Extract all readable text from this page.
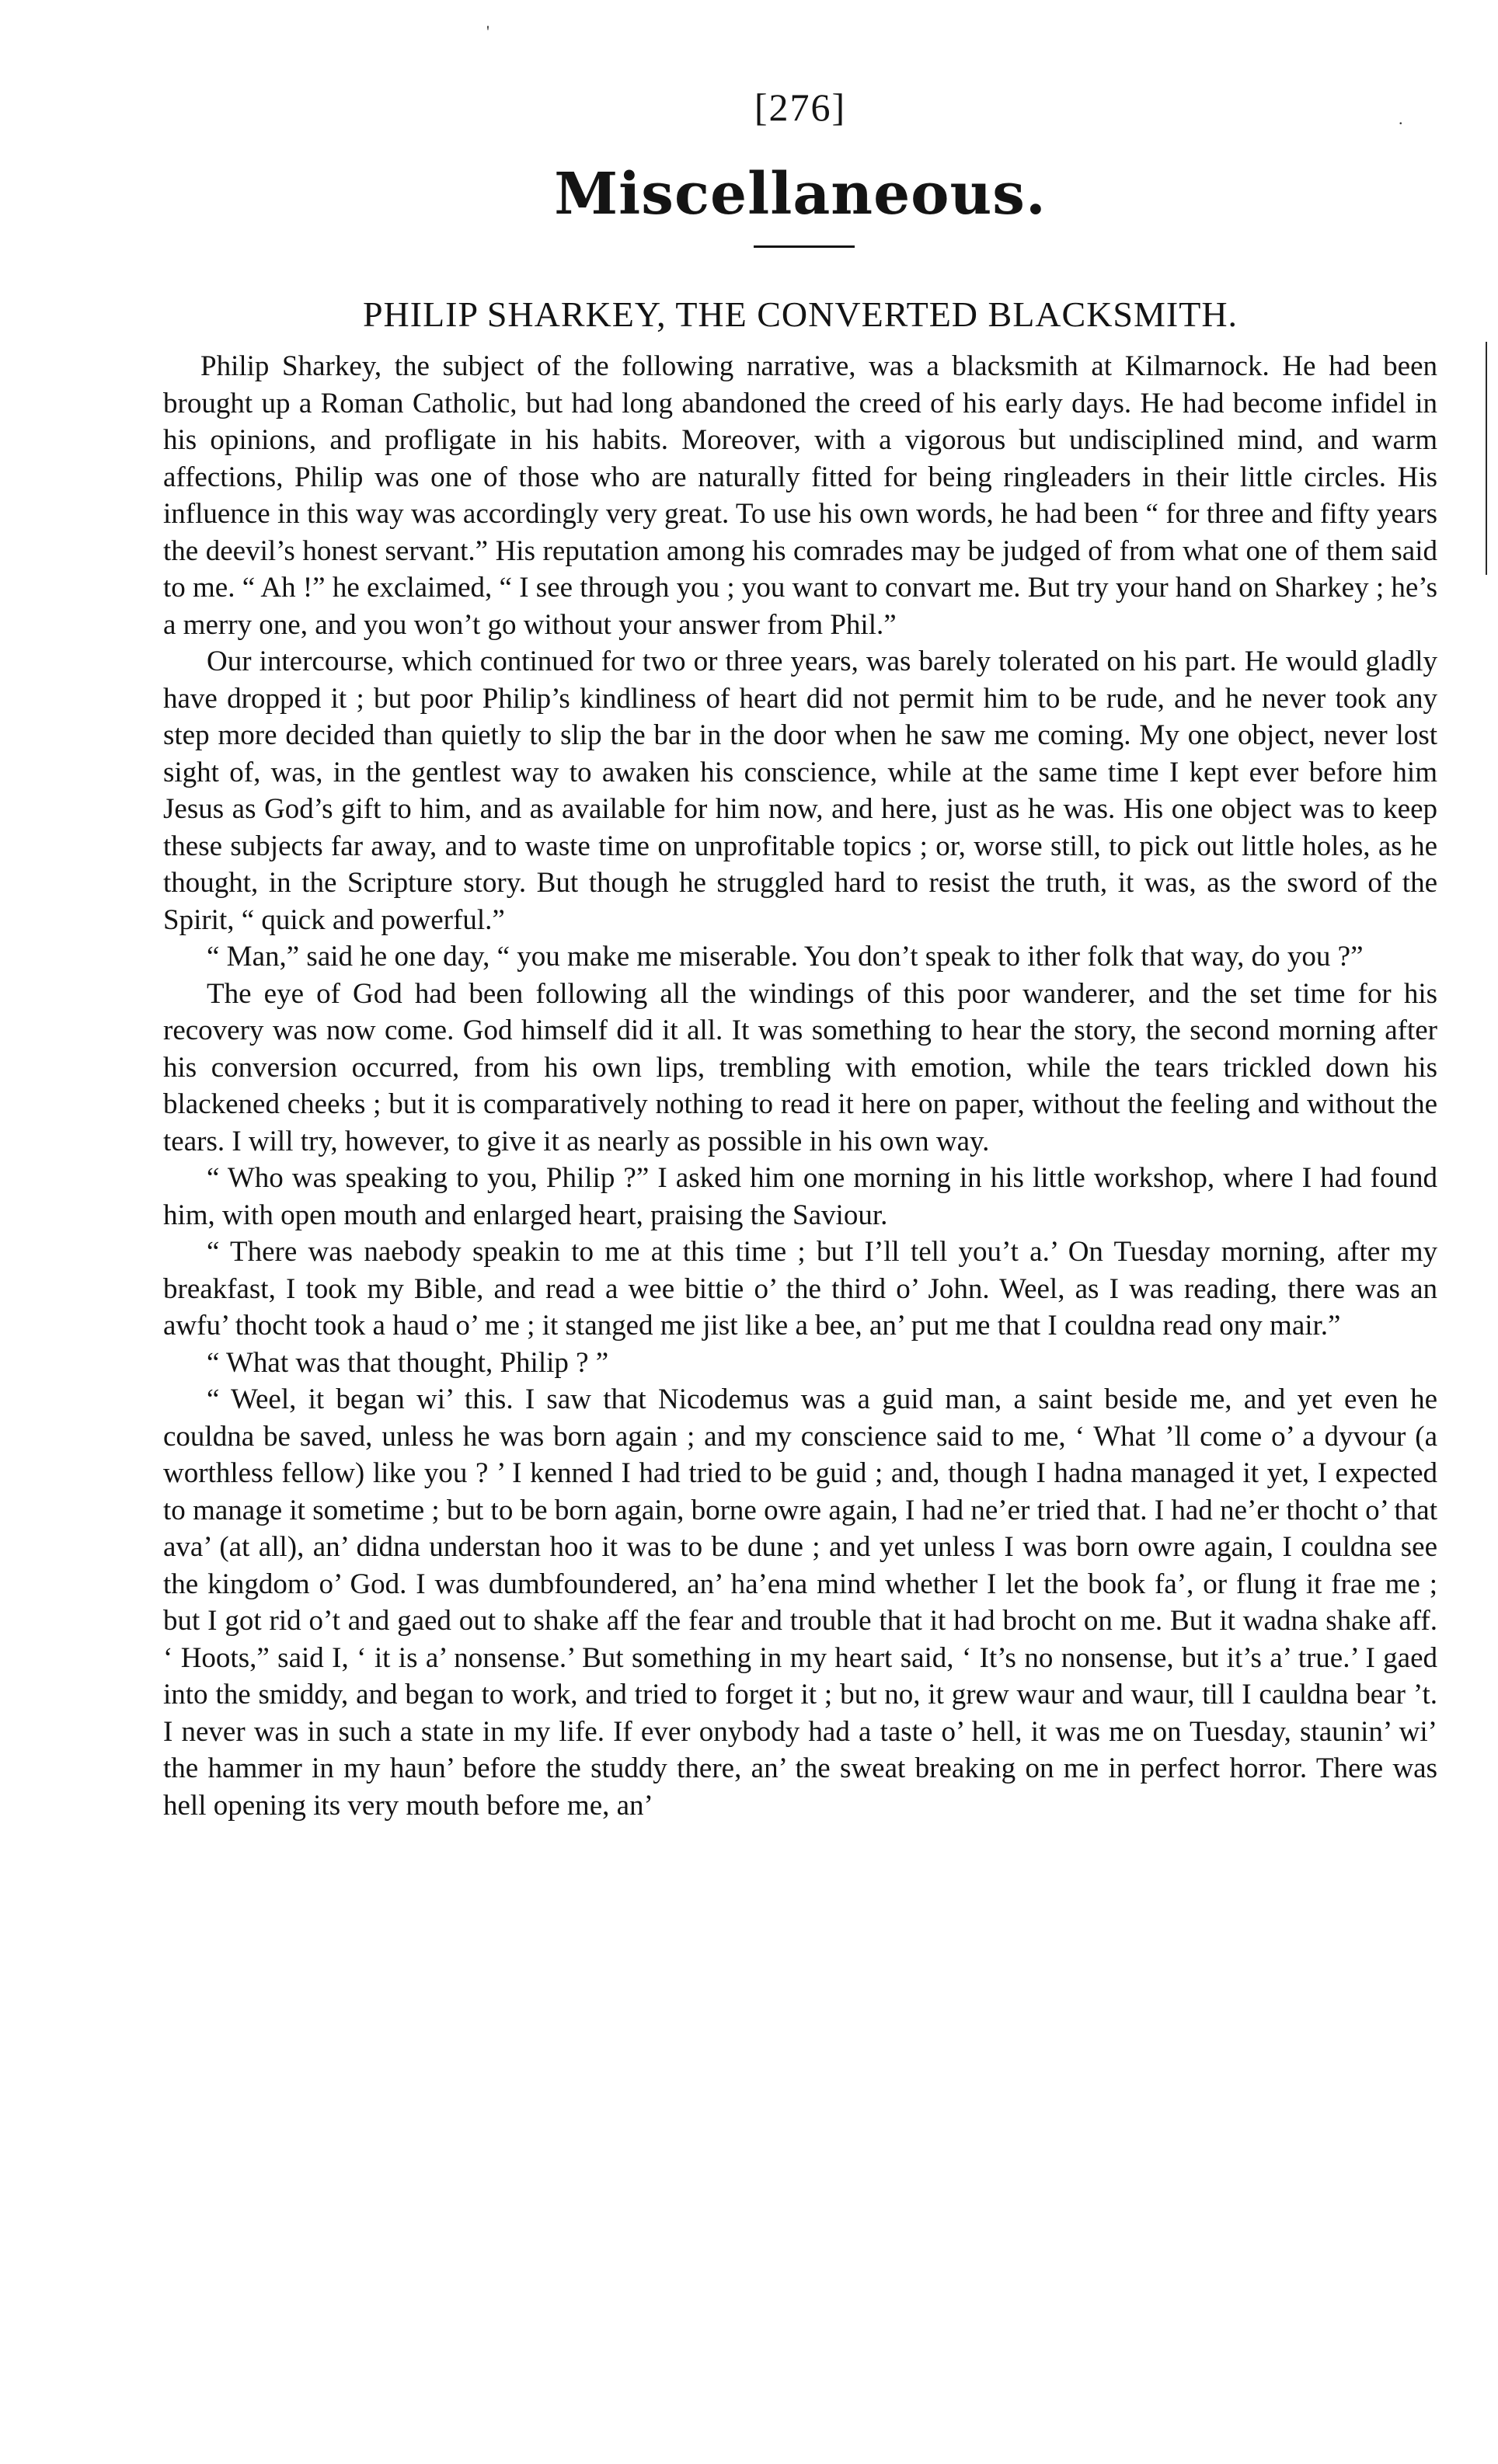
'
.
[276]
Miscellaneous.
PHILIP SHARKEY, THE CONVERTED BLACKSMITH.

Philip Sharkey, the subject of the following narrative, was a blacksmith at Kilmarnock. He had been brought up a Roman Catholic, but had long abandoned the creed of his early days. He had become infidel in his opinions, and profligate in his habits. Moreover, with a vigorous but undisciplined mind, and warm affections, Philip was one of those who are naturally fitted for being ringleaders in their little circles. His influence in this way was accordingly very great. To use his own words, he had been “ for three and fifty years the deevil’s honest servant.” His reputation among his comrades may be judged of from what one of them said to me. “ Ah !” he exclaimed, “ I see through you ; you want to convart me. But try your hand on Sharkey ; he’s a merry one, and you won’t go without your answer from Phil.”

Our intercourse, which continued for two or three years, was barely tolerated on his part. He would gladly have dropped it ; but poor Philip’s kindliness of heart did not permit him to be rude, and he never took any step more decided than quietly to slip the bar in the door when he saw me coming. My one object, never lost sight of, was, in the gentlest way to awaken his conscience, while at the same time I kept ever before him Jesus as God’s gift to him, and as available for him now, and here, just as he was. His one object was to keep these subjects far away, and to waste time on unprofitable topics ; or, worse still, to pick out little holes, as he thought, in the Scripture story. But though he struggled hard to resist the truth, it was, as the sword of the Spirit, “ quick and powerful.”

“ Man,” said he one day, “ you make me miserable. You don’t speak to ither folk that way, do you ?”

The eye of God had been following all the windings of this poor wanderer, and the set time for his recovery was now come. God himself did it all. It was something to hear the story, the second morning after his conversion occurred, from his own lips, trembling with emotion, while the tears trickled down his blackened cheeks ; but it is comparatively nothing to read it here on paper, without the feeling and without the tears. I will try, however, to give it as nearly as possible in his own way.

“ Who was speaking to you, Philip ?” I asked him one morning in his little workshop, where I had found him, with open mouth and enlarged heart, praising the Saviour.

“ There was naebody speakin to me at this time ; but I’ll tell you’t a.’ On Tuesday morning, after my breakfast, I took my Bible, and read a wee bittie o’ the third o’ John. Weel, as I was reading, there was an awfu’ thocht took a haud o’ me ; it stanged me jist like a bee, an’ put me that I couldna read ony mair.”

“ What was that thought, Philip ? ”

“ Weel, it began wi’ this. I saw that Nicodemus was a guid man, a saint beside me, and yet even he couldna be saved, unless he was born again ; and my conscience said to me, ‘ What ’ll come o’ a dyvour (a worthless fellow) like you ? ’ I kenned I had tried to be guid ; and, though I hadna managed it yet, I expected to manage it sometime ; but to be born again, borne owre again, I had ne’er tried that. I had ne’er thocht o’ that ava’ (at all), an’ didna understan hoo it was to be dune ; and yet unless I was born owre again, I couldna see the kingdom o’ God. I was dumbfoundered, an’ ha’ena mind whether I let the book fa’, or flung it frae me ; but I got rid o’t and gaed out to shake aff the fear and trouble that it had brocht on me. But it wadna shake aff. ‘ Hoots,” said I, ‘ it is a’ nonsense.’ But something in my heart said, ‘ It’s no nonsense, but it’s a’ true.’ I gaed into the smiddy, and began to work, and tried to forget it ; but no, it grew waur and waur, till I cauldna bear ’t. I never was in such a state in my life. If ever onybody had a taste o’ hell, it was me on Tuesday, staunin’ wi’ the hammer in my haun’ before the studdy there, an’ the sweat breaking on me in perfect horror. There was hell opening its very mouth before me, an’
